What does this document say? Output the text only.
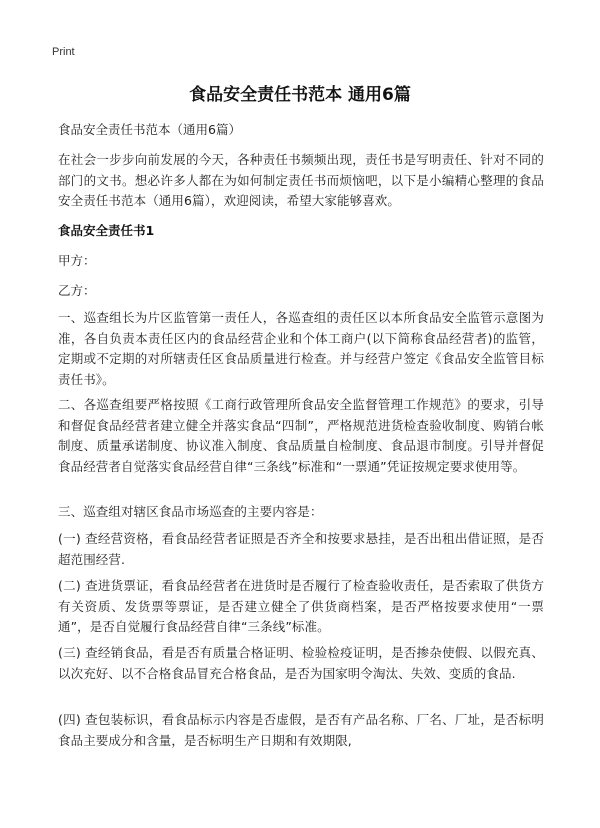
Print
食品安全责任书范本 通用6篇
食品安全责任书范本（通用6篇）
在社会一步步向前发展的今天，各种责任书频频出现，责任书是写明责任、针对不同的部门的文书。想必许多人都在为如何制定责任书而烦恼吧，以下是小编精心整理的食品安全责任书范本（通用6篇），欢迎阅读，希望大家能够喜欢。
食品安全责任书1
甲方：
乙方：
一、巡查组长为片区监管第一责任人，各巡查组的责任区以本所食品安全监管示意图为准，各自负责本责任区内的食品经营企业和个体工商户(以下简称食品经营者)的监管，定期或不定期的对所辖责任区食品质量进行检查。并与经营户签定《食品安全监管目标责任书》。
二、各巡查组要严格按照《工商行政管理所食品安全监督管理工作规范》的要求，引导和督促食品经营者建立健全并落实食品“四制”，严格规范进货检查验收制度、购销台帐制度、质量承诺制度、协议准入制度、食品质量自检制度、食品退市制度。引导并督促食品经营者自觉落实食品经营自律“三条线”标准和“一票通”凭证按规定要求使用等。
三、巡查组对辖区食品市场巡查的主要内容是：
(一) 查经营资格，看食品经营者证照是否齐全和按要求悬挂，是否出租出借证照，是否超范围经营.
(二) 查进货票证，看食品经营者在进货时是否履行了检查验收责任，是否索取了供货方有关资质、发货票等票证，是否建立健全了供货商档案，是否严格按要求使用“一票通”，是否自觉履行食品经营自律“三条线”标准。
(三) 查经销食品，看是否有质量合格证明、检验检疫证明，是否掺杂使假、以假充真、以次充好、以不合格食品冒充合格食品，是否为国家明令淘汰、失效、变质的食品.
(四) 查包装标识，看食品标示内容是否虚假，是否有产品名称、厂名、厂址，是否标明食品主要成分和含量，是否标明生产日期和有效期限,
